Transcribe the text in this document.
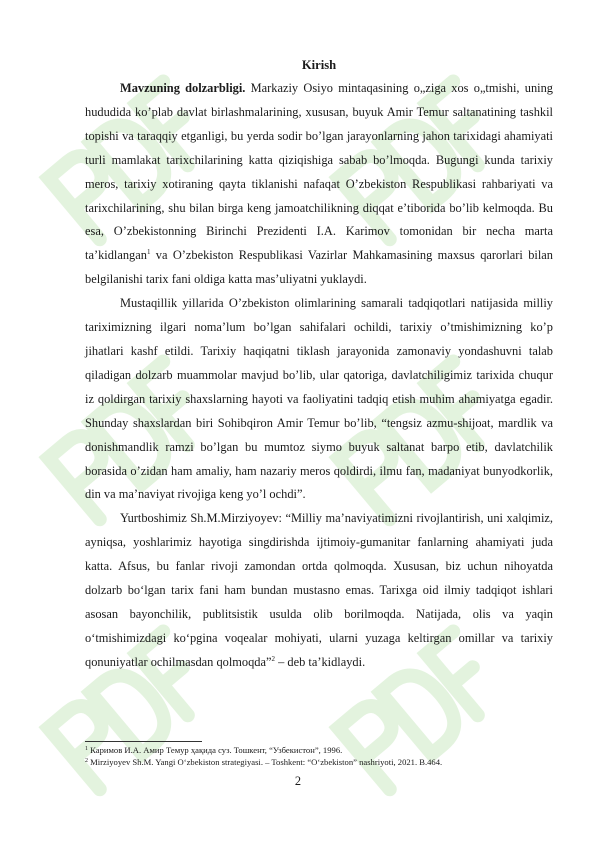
Kirish

Mavzuning dolzarbligi. Markaziy Osiyo mintaqasining o„ziga xos o„tmishi, uning hududida ko’plab davlat birlashmalarining, xususan, buyuk Amir Temur saltanatining tashkil topishi va taraqqiy etganligi, bu yerda sodir bo’lgan jarayonlarning jahon tarixidagi ahamiyati turli mamlakat tarixchilarining katta qiziqishiga sabab bo’lmoqda. Bugungi kunda tarixiy meros, tarixiy xotiraning qayta tiklanishi nafaqat O’zbekiston Respublikasi rahbariyati va tarixchilarining, shu bilan birga keng jamoatchilikning diqqat e’tiborida bo’lib kelmoqda. Bu esa, O’zbekistonning Birinchi Prezidenti I.A. Karimov tomonidan bir necha marta ta’kidlangan$^1$ va O’zbekiston Respublikasi Vazirlar Mahkamasining maxsus qarorlari bilan belgilanishi tarix fani oldiga katta mas’uliyatni yuklaydi.

Mustaqillik yillarida O’zbekiston olimlarining samarali tadqiqotlari natijasida milliy tariximizning ilgari noma’lum bo’lgan sahifalari ochildi, tarixiy o’tmishimizning ko’p jihatlari kashf etildi. Tarixiy haqiqatni tiklash jarayonida zamonaviy yondashuvni talab qiladigan dolzarb muammolar mavjud bo’lib, ular qatoriga, davlatchiligimiz tarixida chuqur iz qoldirgan tarixiy shaxslarning hayoti va faoliyatini tadqiq etish muhim ahamiyatga egadir. Shunday shaxslardan biri Sohibqiron Amir Temur bo’lib, “tengsiz azmu-shijoat, mardlik va donishmandlik ramzi bo’lgan bu mumtoz siymo buyuk saltanat barpo etib, davlatchilik borasida o’zidan ham amaliy, ham nazariy meros qoldirdi, ilmu fan, madaniyat bunyodkorlik, din va ma’naviyat rivojiga keng yo’l ochdi”.

Yurtboshimiz Sh.M.Mirziyoyev: “Milliy ma’naviyatimizni rivojlantirish, uni xalqimiz, ayniqsa, yoshlarimiz hayotiga singdirishda ijtimoiy-gumanitar fanlarning ahamiyati juda katta. Afsus, bu fanlar rivoji zamondan ortda qolmoqda. Xususan, biz uchun nihoyatda dolzarb bo‘lgan tarix fani ham bundan mustasno emas. Tarixga oid ilmiy tadqiqot ishlari asosan bayonchilik, publitsistik usulda olib borilmoqda. Natijada, olis va yaqin o‘tmishimizdagi ko‘pgina voqealar mohiyati, ularni yuzaga keltirgan omillar va tarixiy qonuniyatlar ochilmasdan qolmoqda”$^2$ – deb ta’kidlaydi.

$^1$ Каримов И.А. Амир Темур ҳақида суз. Тошкент, “Узбекистон”, 1996.

$^2$ Mirziyoyev Sh.M. Yangi O‘zbekiston strategiyasi. – Toshkent: “O‘zbekiston” nashriyoti, 2021. B.464.

2
